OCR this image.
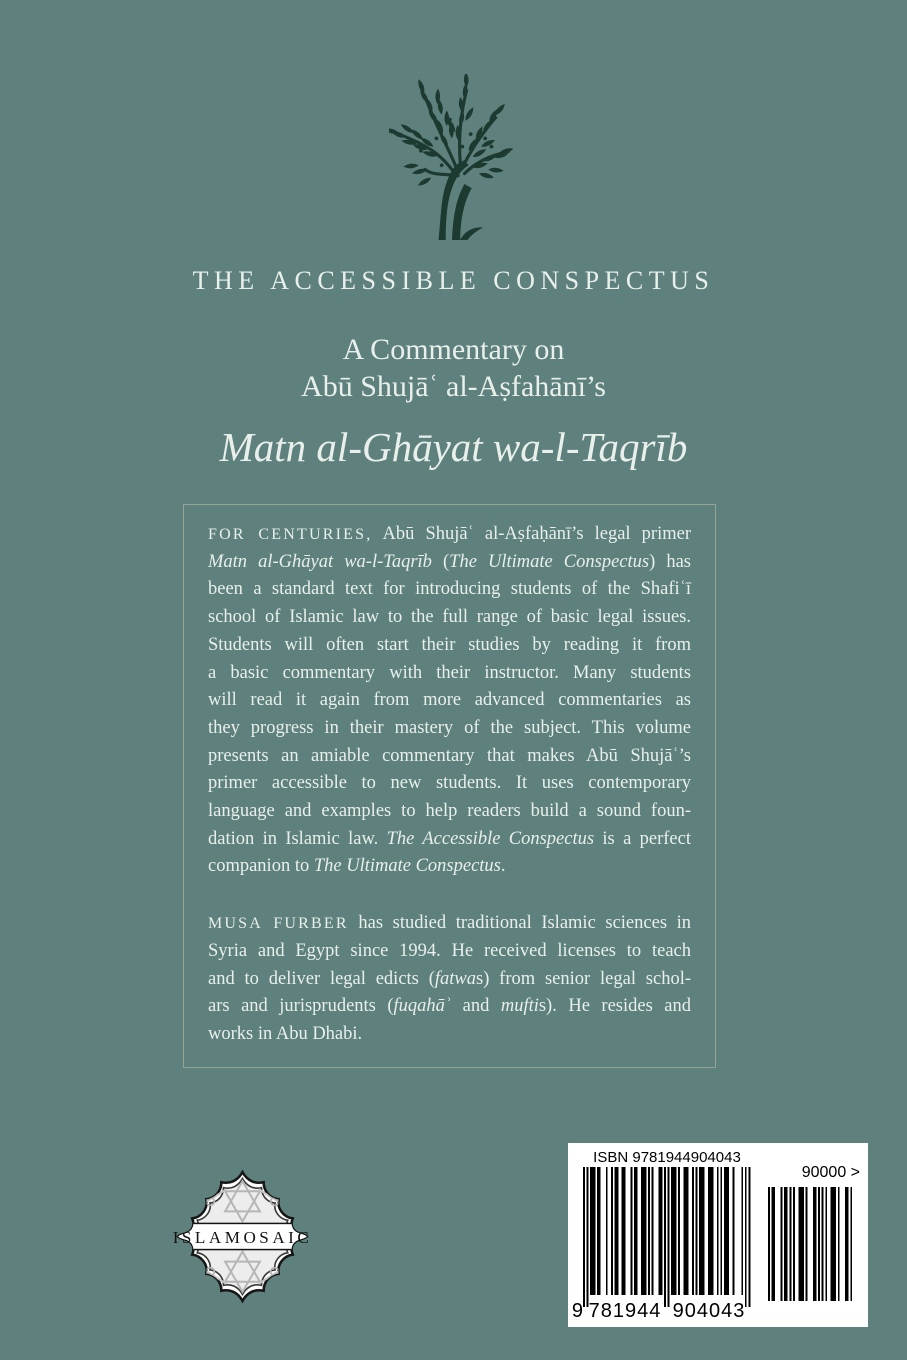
THE ACCESSIBLE CONSPECTUS
A Commentary on
Abū Shujāʿ al-Aṣfahānī’s
Matn al-Ghāyat wa-l-Taqrīb
FOR CENTURIES, Abū Shujāʿ al-Aṣfaḥānī’s legal primer
Matn al-Ghāyat wa-l-Taqrīb (The Ultimate Conspectus) has
been a standard text for introducing students of the Shafiʿī
school of Islamic law to the full range of basic legal issues.
Students will often start their studies by reading it from
a basic commentary with their instructor. Many students
will read it again from more advanced commentaries as
they progress in their mastery of the subject. This volume
presents an amiable commentary that makes Abū Shujāʿ’s
primer accessible to new students. It uses contemporary
language and examples to help readers build a sound foun-
dation in Islamic law. The Accessible Conspectus is a perfect
companion to The Ultimate Conspectus.
MUSA FURBER has studied traditional Islamic sciences in
Syria and Egypt since 1994. He received licenses to teach
and to deliver legal edicts (fatwas) from senior legal schol-
ars and jurisprudents (fuqahāʾ and muftis). He resides and
works in Abu Dhabi.
ISLAMOSAIC
ISBN 9781944904043
90000 >
9 781944 904043
